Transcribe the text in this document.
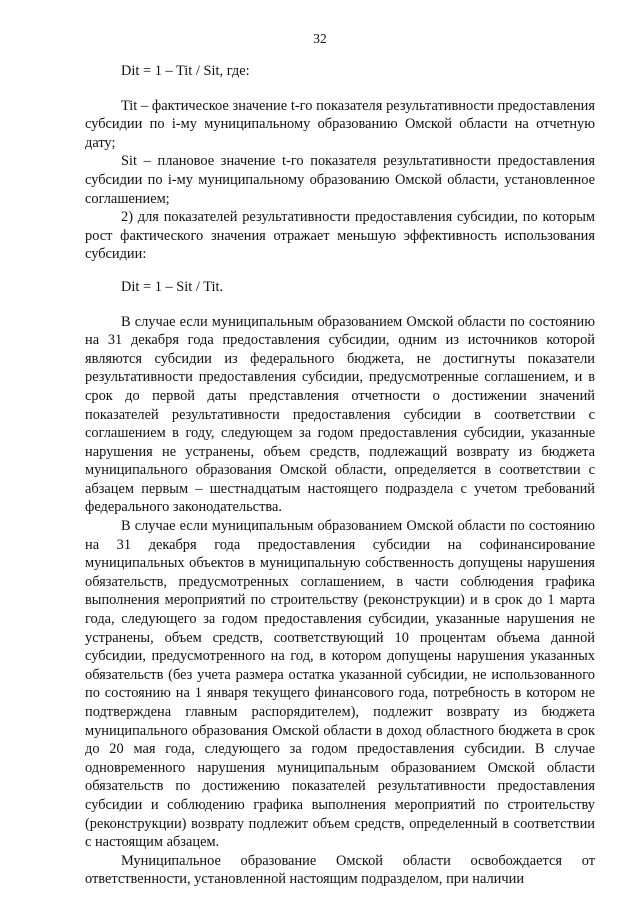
32

Dit = 1 – Tit / Sit, где:

Tit – фактическое значение t-го показателя результативности предоставления субсидии по i-му муниципальному образованию Омской области на отчетную дату;

Sit – плановое значение t-го показателя результативности предоставления субсидии по i-му муниципальному образованию Омской области, установленное соглашением;

2) для показателей результативности предоставления субсидии, по которым рост фактического значения отражает меньшую эффективность использования субсидии:

Dit = 1 – Sit / Tit.

В случае если муниципальным образованием Омской области по состоянию на 31 декабря года предоставления субсидии, одним из источников которой являются субсидии из федерального бюджета, не достигнуты показатели результативности предоставления субсидии, предусмотренные соглашением, и в срок до первой даты представления отчетности о достижении значений показателей результативности предоставления субсидии в соответствии с соглашением в году, следующем за годом предоставления субсидии, указанные нарушения не устранены, объем средств, подлежащий возврату из бюджета муниципального образования Омской области, определяется в соответствии с абзацем первым – шестнадцатым настоящего подраздела с учетом требований федерального законодательства.

В случае если муниципальным образованием Омской области по состоянию на 31 декабря года предоставления субсидии на софинансирование муниципальных объектов в муниципальную собственность допущены нарушения обязательств, предусмотренных соглашением, в части соблюдения графика выполнения мероприятий по строительству (реконструкции) и в срок до 1 марта года, следующего за годом предоставления субсидии, указанные нарушения не устранены, объем средств, соответствующий 10 процентам объема данной субсидии, предусмотренного на год, в котором допущены нарушения указанных обязательств (без учета размера остатка указанной субсидии, не использованного по состоянию на 1 января текущего финансового года, потребность в котором не подтверждена главным распорядителем), подлежит возврату из бюджета муниципального образования Омской области в доход областного бюджета в срок до 20 мая года, следующего за годом предоставления субсидии. В случае одновременного нарушения муниципальным образованием Омской области обязательств по достижению показателей результативности предоставления субсидии и соблюдению графика выполнения мероприятий по строительству (реконструкции) возврату подлежит объем средств, определенный в соответствии с настоящим абзацем.

Муниципальное образование Омской области освобождается от ответственности, установленной настоящим подразделом, при наличии
